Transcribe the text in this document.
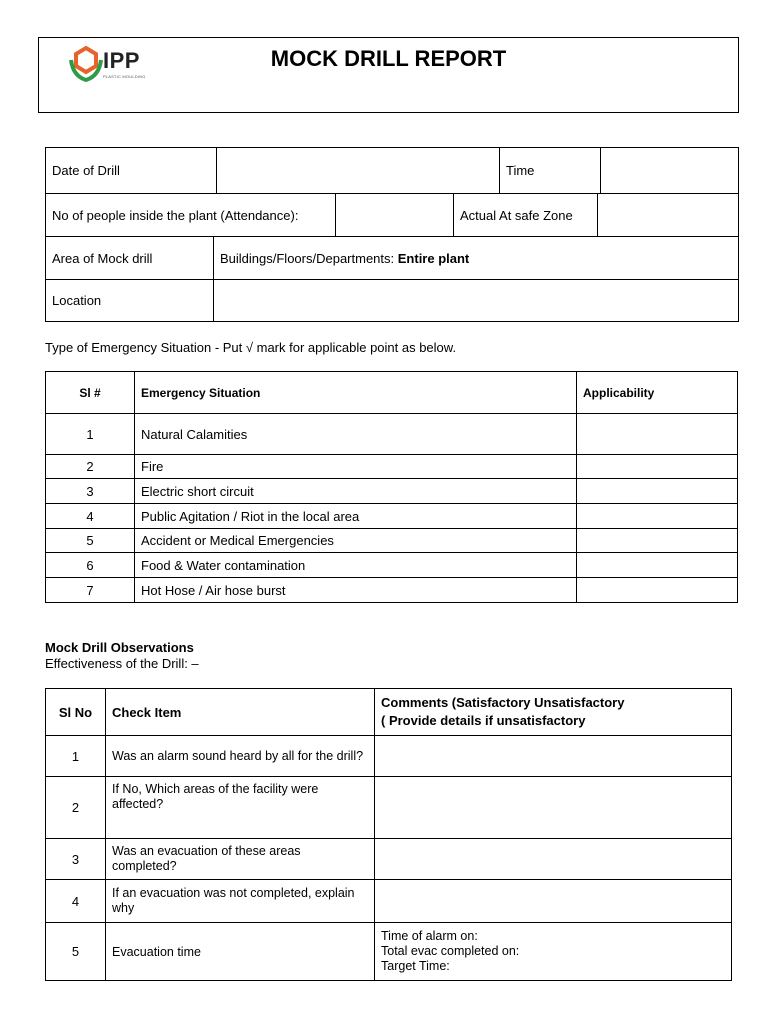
IPP
PLASTIC MOULDING
MOCK DRILL REPORT
Date of Drill		Time	
No of people inside the plant (Attendance):		Actual At safe Zone	
Area of Mock drill	Buildings/Floors/Departments: Entire plant
Location	
Type of Emergency Situation - Put √ mark for applicable point as below.
Sl #	Emergency Situation	Applicability
1	Natural Calamities	
2	Fire	
3	Electric short circuit	
4	Public Agitation / Riot in the local area	
5	Accident or Medical Emergencies	
6	Food & Water contamination	
7	Hot Hose / Air hose burst	
Mock Drill Observations
Effectiveness of the Drill: –
Sl No	Check Item	Comments (Satisfactory Unsatisfactory
( Provide details if unsatisfactory

1	Was an alarm sound heard by all for the drill?	
2	If No, Which areas of the facility were affected?	
3	Was an evacuation of these areas completed?	
4	If an evacuation was not completed, explain why	
5	Evacuation time	Time of alarm on:
Total evac completed on:
Target Time:
